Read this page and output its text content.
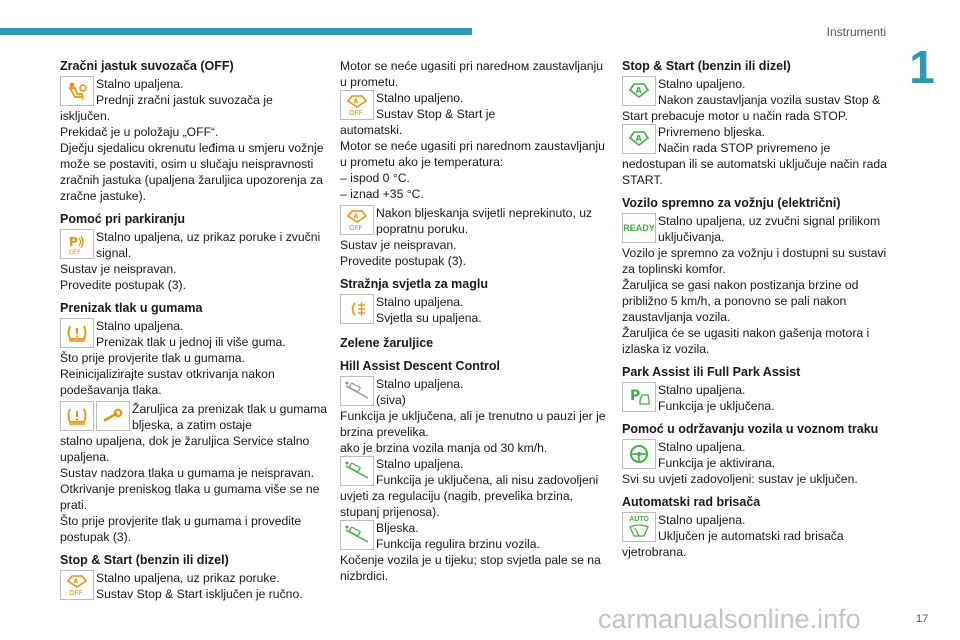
Instrumenti
1
17
Zračni jastuk suvozača (OFF)
2
Stalno upaljena.
Prednji zračni jastuk suvozača je
isključen.
Prekidač je u položaju „OFF“.
Dječju sjedalicu okrenutu leđima u smjeru vožnje može se postaviti, osim u slučaju neispravnosti zračnih jastuka (upaljena žaruljica upozorenja za zračne jastuke).
Pomoć pri parkiranju
P
OFF
Stalno upaljena, uz prikaz poruke i zvučni signal.
Sustav je neispravan.
Provedite postupak (3).
Prenizak tlak u gumama
Stalno upaljena.
Prenizak tlak u jednoj ili više guma.
Što prije provjerite tlak u gumama.
Reinicijalizirajte sustav otkrivanja nakon podešavanja tlaka.
Žaruljica za prenizak tlak u gumama bljeska, a zatim ostaje
stalno upaljena, dok je žaruljica Service stalno upaljena.
Sustav nadzora tlaka u gumama je neispravan.
Otkrivanje preniskog tlaka u gumama više se ne prati.
Što prije provjerite tlak u gumama i provedite postupak (3).
Stop & Start (benzin ili dizel)
A
OFF
Stalno upaljena, uz prikaz poruke.
Sustav Stop & Start isključen je ručno.
Motor se neće ugasiti pri naredном zaustavljanju u prometu.
A
OFF
Stalno upaljeno.
Sustav Stop & Start je
automatski.
Motor se neće ugasiti pri narednom zaustavljanju u prometu ako je temperatura:
– ispod 0 °C.
– iznad +35 °C.
A
OFF
Nakon bljeskanja svijetli neprekinuto, uz popratnu poruku.
Sustav je neispravan.
Provedite postupak (3).
Stražnja svjetla za maglu
Stalno upaljena.
Svjetla su upaljena.
Zelene žaruljice
Hill Assist Descent Control
Stalno upaljena.
(siva)
Funkcija je uključena, ali je trenutno u pauzi jer je brzina prevelika.
ako je brzina vozila manja od 30 km/h.
Stalno upaljena.
Funkcija je uključena, ali nisu zadovoljeni
uvjeti za regulaciju (nagib, prevelika brzina, stupanj prijenosa).
Bljeska.
Funkcija regulira brzinu vozila.
Kočenje vozila je u tijeku; stop svjetla pale se na nizbrdici.
Stop & Start (benzin ili dizel)
A	Stalno upaljeno.
Nakon zaustavljanja vozila sustav Stop &
Start prebacuje motor u način rada STOP.
A	Privremeno bljeska.
Način rada STOP privremeno je
nedostupan ili se automatski uključuje način rada START.
Vozilo spremno za vožnju (električni)
READY Stalno upaljena, uz zvučni signal prilikom uključivanja.
Vozilo je spremno za vožnju i dostupni su sustavi za toplinski komfor.
Žaruljica se gasi nakon postizanja brzine od približno 5 km/h, a ponovno se pali nakon zaustavljanja vozila.
Žaruljica će se ugasiti nakon gašenja motora i izlaska iz vozila.
Park Assist ili Full Park Assist
P	Stalno upaljena.
Funkcija je uključena.
Pomoć u održavanju vozila u voznom traku
Stalno upaljena.
Funkcija je aktivirana.
Svi su uvjeti zadovoljeni: sustav je uključen.
Automatski rad brisača
AUTO Stalno upaljena.
Uključen je automatski rad brisača
vjetrobrana.
carmanualsonline.info
